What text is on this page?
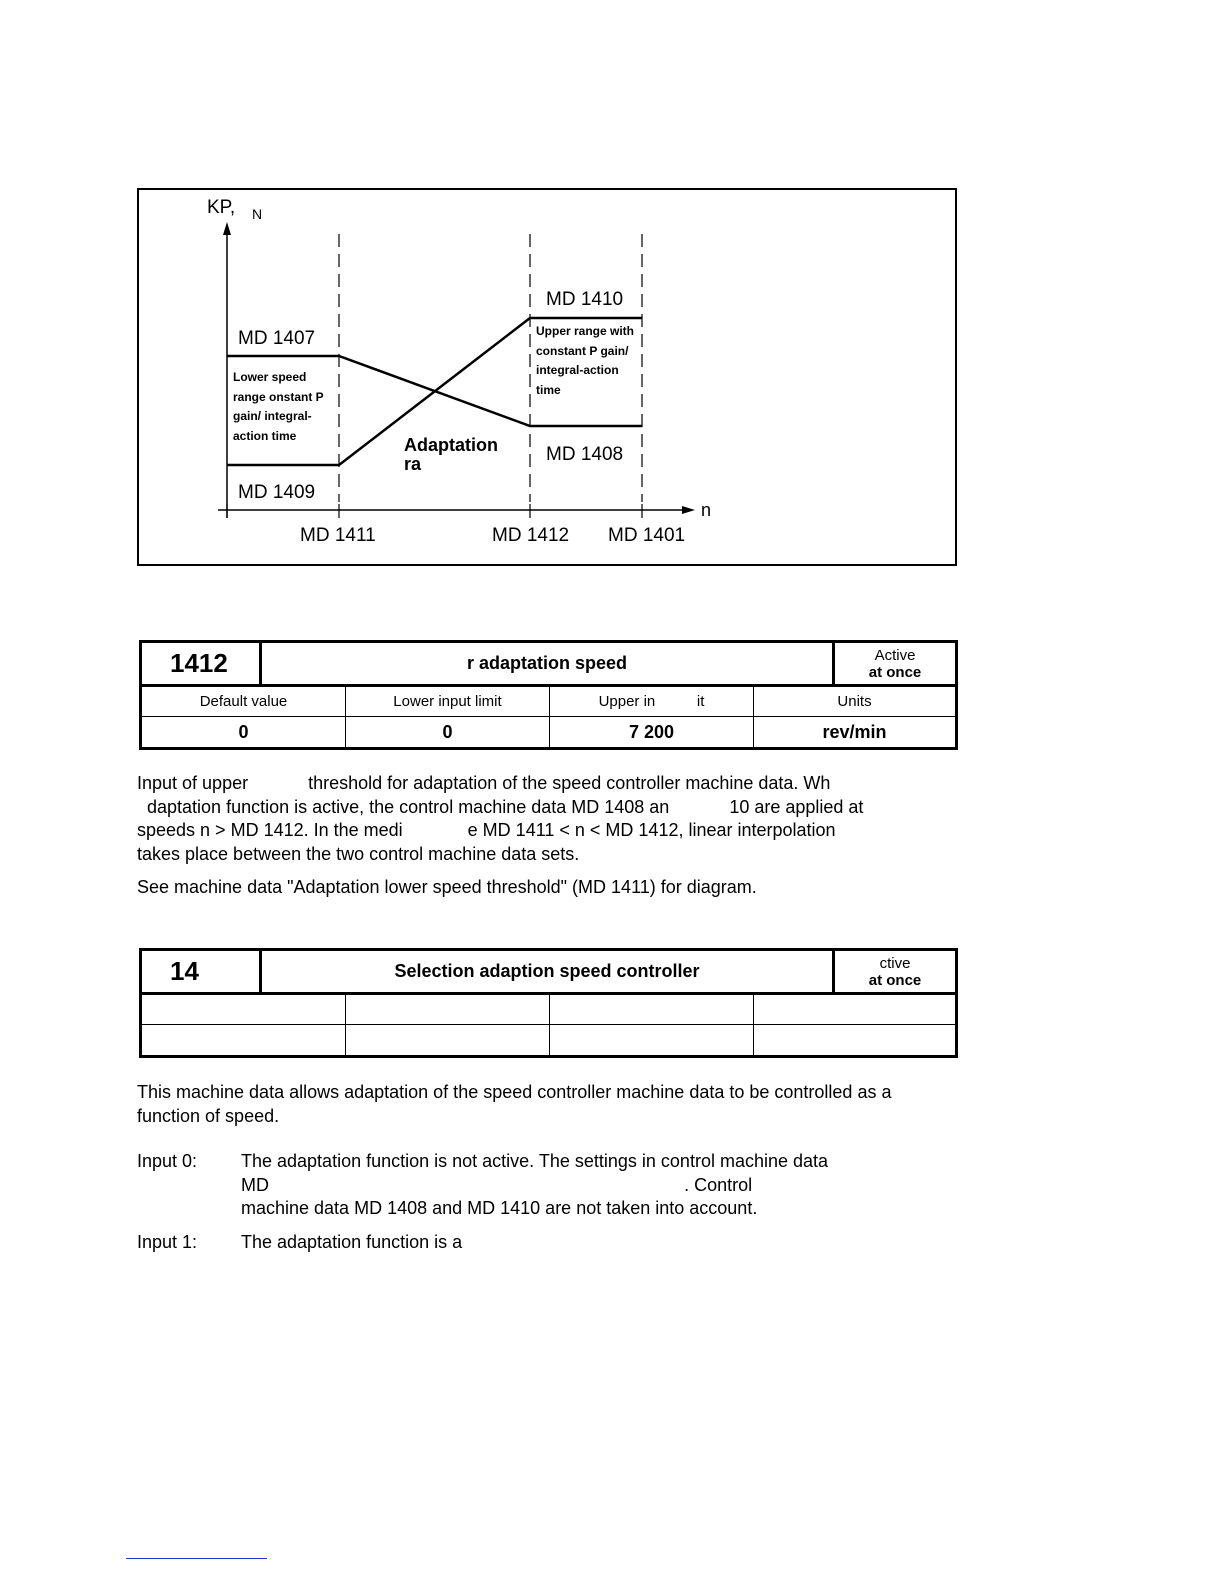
KP, N
n
MD 1407
MD 1409
MD 1410
MD 1408
MD 1411	MD 1412 MD 1401
Lower speed range onstant P gain/ integral-action time
Upper range with constant P gain/ integral-action time
Adaptation ra
1412	r adaptation speed	Active
at once
Default value	Lower input limit	Upper in          it	Units
0	0	7 200	rev/min
Input of upper            threshold for adaptation of the speed controller machine data. Wh
daptation function is active, the control machine data MD 1408 an            10 are applied at
speeds n > MD 1412. In the medi             e MD 1411 < n < MD 1412, linear interpolation
takes place between the two control machine data sets.
See machine data "Adaptation lower speed threshold" (MD 1411) for diagram.
14	Selection adaption speed controller	ctive
at once
This machine data allows adaptation of the speed controller machine data to be controlled as a
function of speed.
Input 0: The adaptation function is not active. The settings in control machine data
MD                                                                                   . Control
machine data MD 1408 and MD 1410 are not taken into account.
Input 1: The adaptation function is a
